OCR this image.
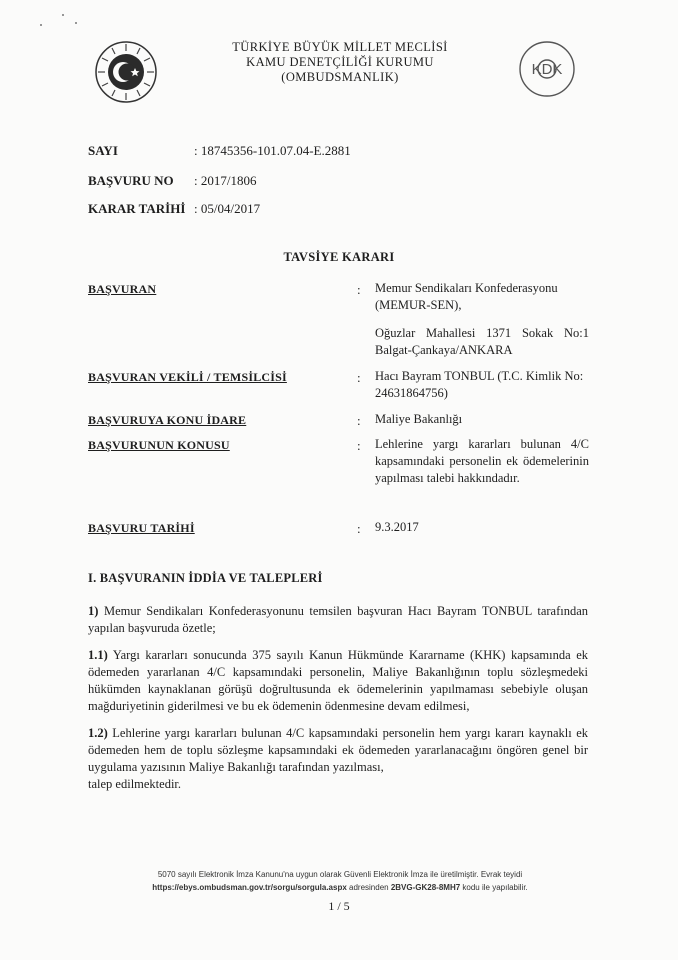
TÜRKİYE BÜYÜK MİLLET MECLİSİ
KAMU DENETÇİLİĞİ KURUMU
(OMBUDSMANLIK)	KDK
SAYI	: 18745356-101.07.04-E.2881
BAŞVURU NO : 2017/1806
KARAR TARİHİ : 05/04/2017
TAVSİYE KARARI
BAŞVURAN	: Memur Sendikaları Konfederasyonu
(MEMUR-SEN),
Oğuzlar Mahallesi 1371 Sokak No:1 Balgat-Çankaya/ANKARA
BAŞVURAN VEKİLİ / TEMSİLCİSİ	: Hacı Bayram TONBUL (T.C. Kimlik No: 24631864756)
BAŞVURUYA KONU İDARE	: Maliye Bakanlığı
BAŞVURUNUN KONUSU	: Lehlerine yargı kararları bulunan 4/C kapsamındaki personelin ek ödemelerinin yapılması talebi hakkındadır.
BAŞVURU TARİHİ	: 9.3.2017
I. BAŞVURANIN İDDİA VE TALEPLERİ
1) Memur Sendikaları Konfederasyonunu temsilen başvuran Hacı Bayram TONBUL tarafından yapılan başvuruda özetle;
1.1) Yargı kararları sonucunda 375 sayılı Kanun Hükmünde Kararname (KHK) kapsamında ek ödemeden yararlanan 4/C kapsamındaki personelin, Maliye Bakanlığının toplu sözleşmedeki hükümden kaynaklanan görüşü doğrultusunda ek ödemelerinin yapılmaması sebebiyle oluşan mağduriyetinin giderilmesi ve bu ek ödemenin ödenmesine devam edilmesi,
1.2) Lehlerine yargı kararları bulunan 4/C kapsamındaki personelin hem yargı kararı kaynaklı ek ödemeden hem de toplu sözleşme kapsamındaki ek ödemeden yararlanacağını öngören genel bir uygulama yazısının Maliye Bakanlığı tarafından yazılması,
talep edilmektedir.
5070 sayılı Elektronik İmza Kanunu'na uygun olarak Güvenli Elektronik İmza ile üretilmiştir. Evrak teyidi
https://ebys.ombudsman.gov.tr/sorgu/sorgula.aspx adresinden 2BVG-GK28-8MH7 kodu ile yapılabilir.
1 / 5
